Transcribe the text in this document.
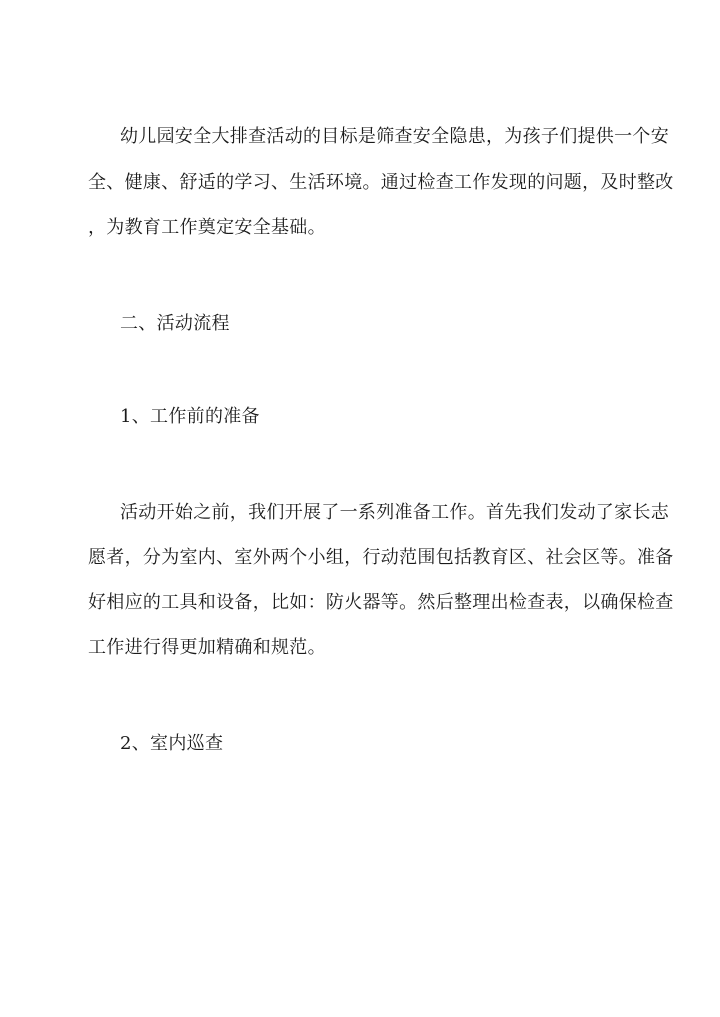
幼儿园安全大排查活动的目标是筛查安全隐患，为孩子们提供一个安
全、健康、舒适的学习、生活环境。通过检查工作发现的问题，及时整改
，为教育工作奠定安全基础。
二、活动流程
1、工作前的准备
活动开始之前，我们开展了一系列准备工作。首先我们发动了家长志
愿者，分为室内、室外两个小组，行动范围包括教育区、社会区等。准备
好相应的工具和设备，比如：防火器等。然后整理出检查表，以确保检查
工作进行得更加精确和规范。
2、室内巡查
